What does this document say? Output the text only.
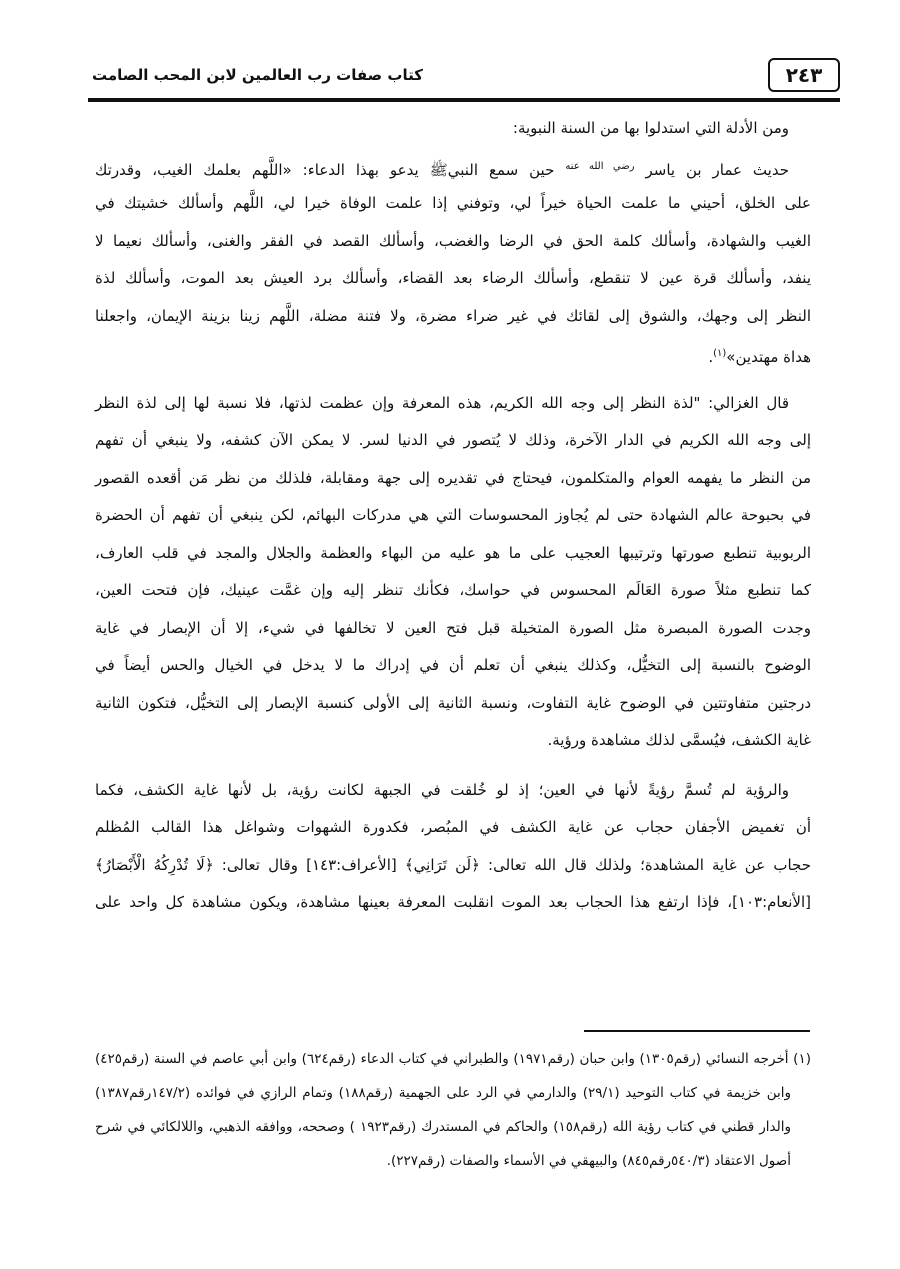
٢٤٣
كتاب صفات رب العالمين لابن المحب الصامت
ومن الأدلة التي استدلوا بها من السنة النبوية:
حديث عمار بن ياسر $^{رضي الله عنه}$ حين سمع النبيﷺ يدعو بهذا الدعاء: «اللَّهم بعلمك الغيب، وقدرتك
على الخلق، أحيني ما علمت الحياة خيراً لي، وتوفني إذا علمت الوفاة خيرا لي، اللَّهم وأسألك خشيتك في
الغيب والشهادة، وأسألك كلمة الحق في الرضا والغضب، وأسألك القصد في الفقر والغنى، وأسألك نعيما لا
ينفد، وأسألك قرة عين لا تنقطع، وأسألك الرضاء بعد القضاء، وأسألك برد العيش بعد الموت، وأسألك لذة
النظر إلى وجهك، والشوق إلى لقائك في غير ضراء مضرة، ولا فتنة مضلة، اللَّهم زينا بزينة الإيمان، واجعلنا
هداة مهتدين»$^{(١)}$.
قال الغزالي: "لذة النظر إلى وجه الله الكريم، هذه المعرفة وإن عظمت لذتها، فلا نسبة لها إلى لذة النظر
إلى وجه الله الكريم في الدار الآخرة، وذلك لا يُتصور في الدنيا لسر. لا يمكن الآن كشفه، ولا ينبغي أن تفهم
من النظر ما يفهمه العوام والمتكلمون، فيحتاج في تقديره إلى جهة ومقابلة، فلذلك من نظر مَن أقعده القصور
في بحبوحة عالم الشهادة حتى لم يُجاوز المحسوسات التي هي مدركات البهائم، لكن ينبغي أن تفهم أن الحضرة
الربوبية تنطبع صورتها وترتيبها العجيب على ما هو عليه من البهاء والعظمة والجلال والمجد في قلب العارف،
كما تنطبع مثلاً صورة العَالَم المحسوس في حواسك، فكأنك تنظر إليه وإن غمَّت عينيك، فإن فتحت العين،
وجدت الصورة المبصرة مثل الصورة المتخيلة قبل فتح العين لا تخالفها في شيء، إلا أن الإبصار في غاية
الوضوح بالنسبة إلى التخيُّل، وكذلك ينبغي أن تعلم أن في إدراك ما لا يدخل في الخيال والحس أيضاً في
درجتين متفاوتتين في الوضوح غاية التفاوت، ونسبة الثانية إلى الأولى كنسبة الإبصار إلى التخيُّل، فتكون الثانية
غاية الكشف، فيُسمَّى لذلك مشاهدة ورؤية.
والرؤية لم تُسمَّ رؤيةً لأنها في العين؛ إذ لو خُلقت في الجبهة لكانت رؤية، بل لأنها غاية الكشف، فكما
أن تغميض الأجفان حجاب عن غاية الكشف في المبُصر، فكدورة الشهوات وشواغل هذا القالب المُظلم
حجاب عن غاية المشاهدة؛ ولذلك قال الله تعالى: ﴿لَن تَرَانِي﴾ [الأعراف:١٤٣] وقال تعالى: ﴿لَا تُدْرِكُهُ الْأَبْصَارُ﴾
[الأنعام:١٠٣]، فإذا ارتفع هذا الحجاب بعد الموت انقلبت المعرفة بعينها مشاهدة، ويكون مشاهدة كل واحد على
(١) أخرجه النسائي (رقم١٣٠٥) وابن حبان (رقم١٩٧١) والطبراني في كتاب الدعاء (رقم٦٢٤) وابن أبي عاصم في السنة (رقم٤٢٥)
وابن خزيمة في كتاب التوحيد (٢٩/١) والدارمي في الرد على الجهمية (رقم١٨٨) وتمام الرازي في فوائده (١٤٧/٢رقم١٣٨٧)
والدار قطني في كتاب رؤية الله (رقم١٥٨) والحاكم في المستدرك (رقم١٩٢٣ ) وصححه، ووافقه الذهبي، واللالكائي في شرح
أصول الاعتقاد (٥٤٠/٣رقم٨٤٥) والبيهقي في الأسماء والصفات (رقم٢٢٧).
